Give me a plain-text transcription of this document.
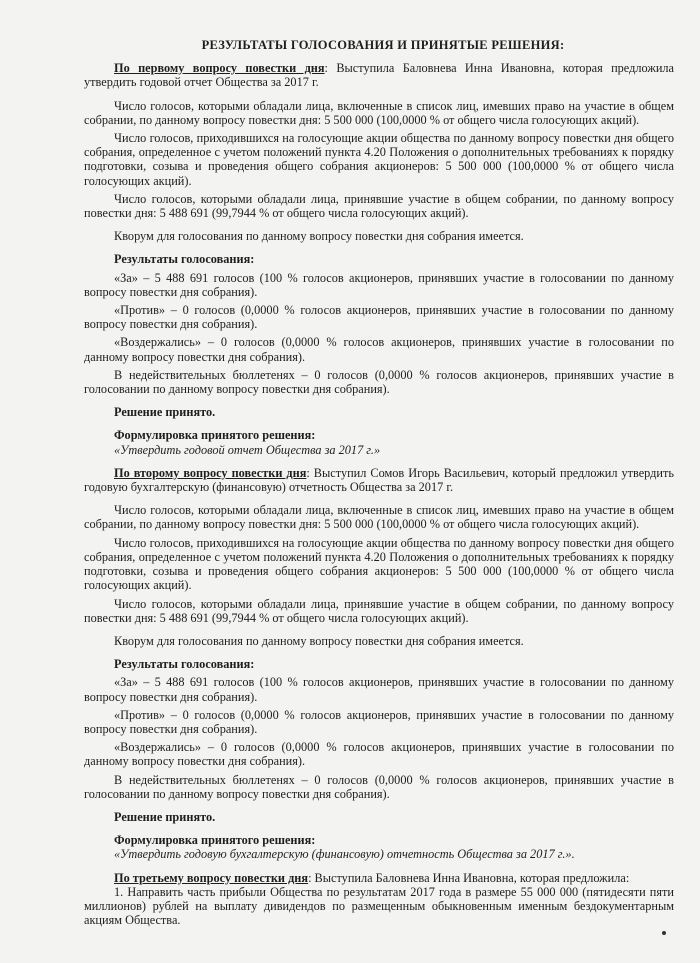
РЕЗУЛЬТАТЫ ГОЛОСОВАНИЯ И ПРИНЯТЫЕ РЕШЕНИЯ:

По первому вопросу повестки дня: Выступила Баловнева Инна Ивановна, которая предложила утвердить годовой отчет Общества за 2017 г.

Число голосов, которыми обладали лица, включенные в список лиц, имевших право на участие в общем собрании, по данному вопросу повестки дня: 5 500 000 (100,0000 % от общего числа голосующих акций).

Число голосов, приходившихся на голосующие акции общества по данному вопросу повестки дня общего собрания, определенное с учетом положений пункта 4.20 Положения о дополнительных требованиях к порядку подготовки, созыва и проведения общего собрания акционеров: 5 500 000 (100,0000 % от общего числа голосующих акций).

Число голосов, которыми обладали лица, принявшие участие в общем собрании, по данному вопросу повестки дня: 5 488 691 (99,7944 % от общего числа голосующих акций).

Кворум для голосования по данному вопросу повестки дня собрания имеется.

Результаты голосования:

«За» – 5 488 691 голосов (100 % голосов акционеров, принявших участие в голосовании по данному вопросу повестки дня собрания).

«Против» – 0 голосов (0,0000 % голосов акционеров, принявших участие в голосовании по данному вопросу повестки дня собрания).

«Воздержались» – 0 голосов (0,0000 % голосов акционеров, принявших участие в голосовании по данному вопросу повестки дня собрания).

В недействительных бюллетенях – 0 голосов (0,0000 % голосов акционеров, принявших участие в голосовании по данному вопросу повестки дня собрания).

Решение принято.

Формулировка принятого решения:

«Утвердить годовой отчет Общества за 2017 г.»

По второму вопросу повестки дня: Выступил Сомов Игорь Васильевич, который предложил утвердить годовую бухгалтерскую (финансовую) отчетность Общества за 2017 г.

Число голосов, которыми обладали лица, включенные в список лиц, имевших право на участие в общем собрании, по данному вопросу повестки дня: 5 500 000 (100,0000 % от общего числа голосующих акций).

Число голосов, приходившихся на голосующие акции общества по данному вопросу повестки дня общего собрания, определенное с учетом положений пункта 4.20 Положения о дополнительных требованиях к порядку подготовки, созыва и проведения общего собрания акционеров: 5 500 000 (100,0000 % от общего числа голосующих акций).

Число голосов, которыми обладали лица, принявшие участие в общем собрании, по данному вопросу повестки дня: 5 488 691 (99,7944 % от общего числа голосующих акций).

Кворум для голосования по данному вопросу повестки дня собрания имеется.

Результаты голосования:

«За» – 5 488 691 голосов (100 % голосов акционеров, принявших участие в голосовании по данному вопросу повестки дня собрания).

«Против» – 0 голосов (0,0000 % голосов акционеров, принявших участие в голосовании по данному вопросу повестки дня собрания).

«Воздержались» – 0 голосов (0,0000 % голосов акционеров, принявших участие в голосовании по данному вопросу повестки дня собрания).

В недействительных бюллетенях – 0 голосов (0,0000 % голосов акционеров, принявших участие в голосовании по данному вопросу повестки дня собрания).

Решение принято.

Формулировка принятого решения:

«Утвердить годовую бухгалтерскую (финансовую) отчетность Общества за 2017 г.».

По третьему вопросу повестки дня: Выступила Баловнева Инна Ивановна, которая предложила:

1. Направить часть прибыли Общества по результатам 2017 года в размере 55 000 000 (пятидесяти пяти миллионов) рублей на выплату дивидендов по размещенным обыкновенным именным бездокументарным акциям Общества.
